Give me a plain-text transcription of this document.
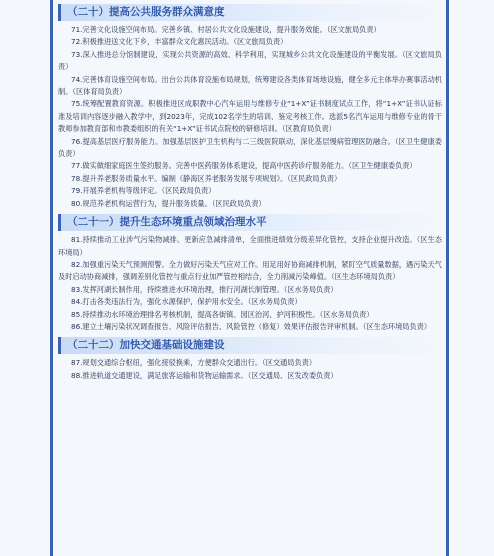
（二十）提高公共服务群众满意度

71.完善文化设施空间布局。完善乡镇、村居公共文化设施建设，提升服务效能。（区文旅局负责）

72.积极推进送文化下乡，丰富群众文化惠民活动。（区文旅局负责）

73.深入推进总分馆制建设，实现公共资源的高效、科学利用，实现城乡公共文化设施建设的平衡发展。（区文旅局负责）

74.完善体育设施空间布局。出台公共体育设施布局规划，统筹建设各类体育场地设施，健全多元主体举办赛事活动机制。（区体育局负责）

75.统筹配置教育资源。积极推进区成职教中心汽车运用与维修专业“1+X”证书制度试点工作，将“1+X”证书认证标准及培训内容逐步融入教学中，到2023年，完成102名学生的培训、鉴定考核工作。选派5名汽车运用与维修专业的骨干教师参加教育部和市教委组织的有关“1+X”证书试点院校的研修培训。（区教育局负责）

76.提高基层医疗服务能力。加强基层医护卫生机构与二三级医院联动，深化基层慢病管理医防融合。（区卫生健康委负责）

77.做实做细家庭医生签约服务。完善中医药服务体系建设，提高中医药诊疗服务能力。（区卫生健康委负责）

78.提升养老服务质量水平。编制《静海区养老服务发展专项规划》。（区民政局负责）

79.开展养老机构等级评定。（区民政局负责）

80.规范养老机构运营行为，提升服务质量。（区民政局负责）

（二十一）提升生态环境重点领域治理水平

81.持续推动工业涉气污染物减排。更新应急减排清单，全面推进绩效分级差异化管控，支持企业提升改造。（区生态环境局）

82.加强重污染天气预测预警。全力做好污染天气应对工作。用足用好协商减排机制，紧盯空气质量数据，遇污染天气及时启动协商减排，强调差别化管控与重点行业加严管控相结合，全力削减污染峰值。（区生态环境局负责）

83.发挥河湖长制作用，持续推进水环境治理，推行河湖长制管理。（区水务局负责）

84.打击各类违法行为，强化水源保护，保护用水安全。（区水务局负责）

85.持续推动水环境治理排名考核机制，提高各街镇、园区治河、护河积极性。（区水务局负责）

86.建立土壤污染状况调查报告、风险评估报告、风险管控（修复）效果评估报告评审机制。（区生态环境局负责）

（二十二）加快交通基础设施建设

87.规划交通综合枢纽，强化接驳换乘，方便群众交通出行。（区交通局负责）

88.推进轨道交通建设，满足旅客运输和货物运输需求。（区交通局、区发改委负责）
